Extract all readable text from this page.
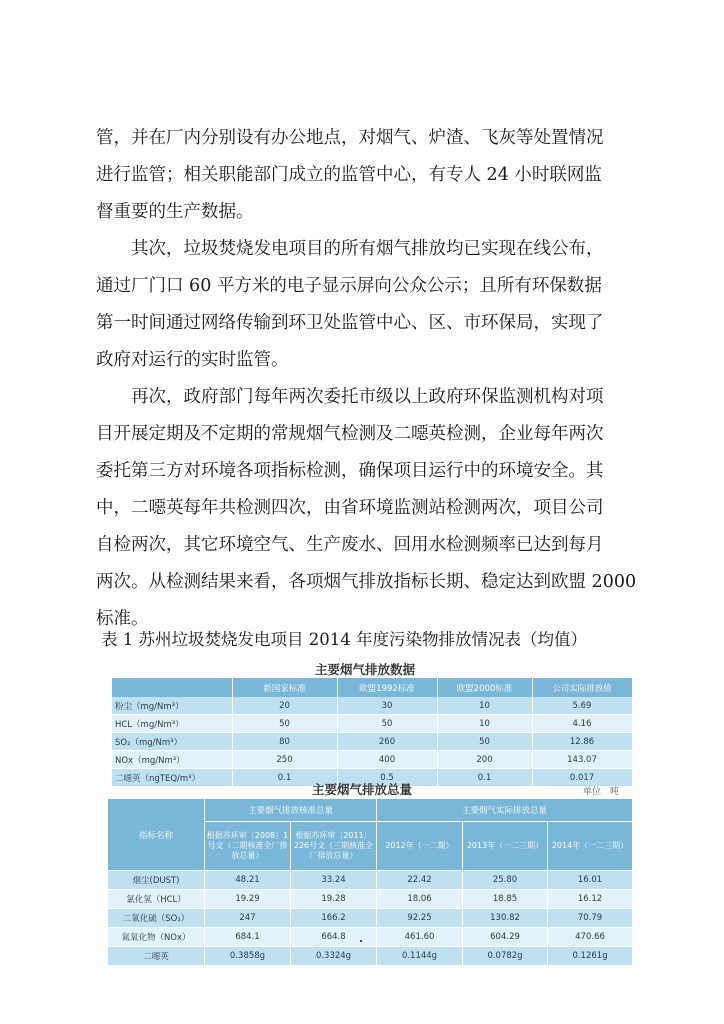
管，并在厂内分别设有办公地点，对烟气、炉渣、飞灰等处置情况
进行监管；相关职能部门成立的监管中心，有专人 24 小时联网监
督重要的生产数据。
　　其次，垃圾焚烧发电项目的所有烟气排放均已实现在线公布，
通过厂门口 60 平方米的电子显示屏向公众公示；且所有环保数据
第一时间通过网络传输到环卫处监管中心、区、市环保局，实现了
政府对运行的实时监管。
　　再次，政府部门每年两次委托市级以上政府环保监测机构对项
目开展定期及不定期的常规烟气检测及二噁英检测，企业每年两次
委托第三方对环境各项指标检测，确保项目运行中的环境安全。其
中，二噁英每年共检测四次，由省环境监测站检测两次，项目公司
自检两次，其它环境空气、生产废水、回用水检测频率已达到每月
两次。从检测结果来看，各项烟气排放指标长期、稳定达到欧盟 2000
标准。
表 1 苏州垃圾焚烧发电项目 2014 年度污染物排放情况表（均值）
主要烟气排放数据
	新国家标准	欧盟1992标准	欧盟2000标准	公司实际排放值
粉尘（mg/Nm³）	20	30	10	5.69
HCL（mg/Nm³）	50	50	10	4.16
SO₂（mg/Nm³）	80	260	50	12.86
NOx（mg/Nm³）	250	400	200	143.07
二噁英（ngTEQ/m³）	0.1	0.5	0.1	0.017
主要烟气排放总量	单位　吨
指标名称	主要烟气排放核准总量		主要烟气实际排放总量		
	根据苏环审〔2008〕1号文（二期核准全厂排放总量）	根据苏环审〔2011〕226号文（三期核准全厂排放总量）	2012年（一二期）	2013年（一二三期）	2014年（一二三期）
烟尘(DUST)	48.21	33.24	22.42	25.80	16.01
氯化氢（HCL）	19.29	19.28	18.06	18.85	16.12
二氧化硫（SO₂）	247	166.2	92.25	130.82	70.79
氮氧化物（NOx）	684.1	664.8	461.60	604.29	470.66
二噁英	0.3858g	0.3324g	0.1144g	0.0782g	0.1261g
